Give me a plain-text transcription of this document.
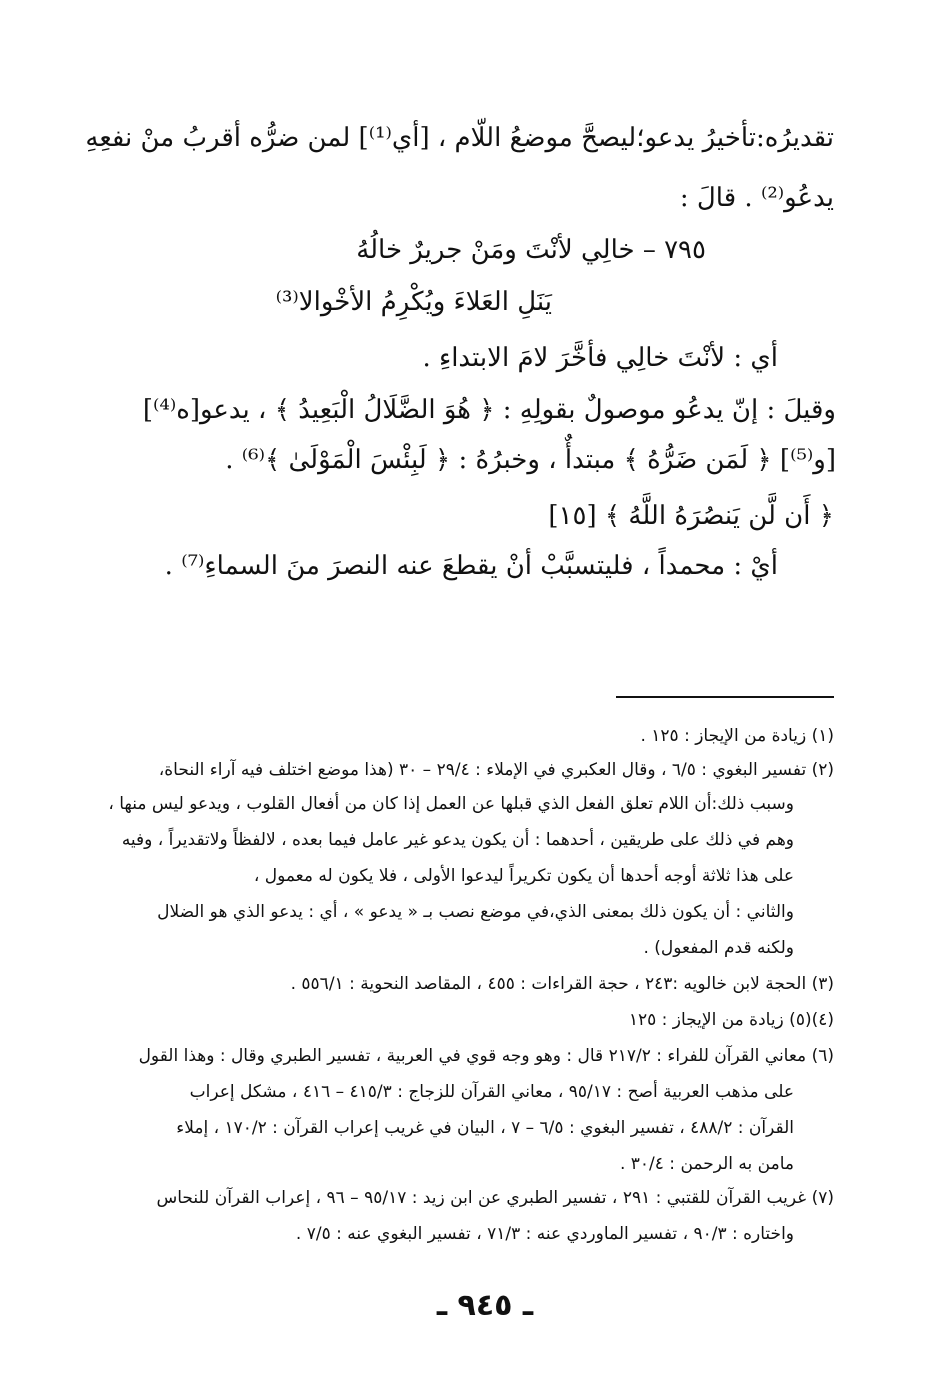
تقديرُه:تأخيرُ يدعو؛ليصحَّ موضعُ اللّام ، [أي⁽¹⁾] لمن ضرُّه أقربُ منْ نفعِهِ
يدعُو⁽²⁾ . قالَ :
٧٩٥ – خالِي لأنْتَ ومَنْ جريرٌ خالُهُ
يَنَلِ العَلاءَ ويُكْرِمُ الأخْوالا⁽³⁾
أي : لأنْتَ خالِي فأخَّرَ لامَ الابتداءِ .
وقيلَ : إنّ يدعُو موصولٌ بقولِهِ : ﴿ هُوَ الضَّلَالُ الْبَعِيدُ ﴾ ، يدعو[ه⁽⁴⁾]
[و⁽⁵⁾] ﴿ لَمَن ضَرُّهُ ﴾ مبتدأٌ ، وخبرُهُ : ﴿ لَبِئْسَ الْمَوْلَىٰ ﴾⁽⁶⁾ .
﴿ أَن لَّن يَنصُرَهُ اللَّهُ ﴾ [١٥]
أيْ : محمداً ، فليتسبَّبْ أنْ يقطعَ عنه النصرَ منَ السماءِ⁽⁷⁾ .
(١) زيادة من الإيجاز : ١٢٥ .
(٢) تفسير البغوي : ٦/٥ ، وقال العكبري في الإملاء : ٢٩/٤ – ٣٠ (هذا موضع اختلف فيه آراء النحاة،
وسبب ذلك:أن اللام تعلق الفعل الذي قبلها عن العمل إذا كان من أفعال القلوب ، ويدعو ليس منها ،
وهم في ذلك على طريقين ، أحدهما : أن يكون يدعو غير عامل فيما بعده ، لالفظاً ولاتقديراً ، وفيه
على هذا ثلاثة أوجه أحدها أن يكون تكريراً ليدعوا الأولى ، فلا يكون له معمول ،
والثاني : أن يكون ذلك بمعنى الذي،في موضع نصب بـ « يدعو » ، أي : يدعو الذي هو الضلال
ولكنه قدم المفعول) .
(٣) الحجة لابن خالويه :٢٤٣ ، حجة القراءات : ٤٥٥ ، المقاصد النحوية : ٥٥٦/١ .
(٤)(٥) زيادة من الإيجاز : ١٢٥
(٦) معاني القرآن للفراء : ٢١٧/٢ قال : وهو وجه قوي في العربية ، تفسير الطبري وقال : وهذا القول
على مذهب العربية أصح : ٩٥/١٧ ، معاني القرآن للزجاج : ٤١٥/٣ – ٤١٦ ، مشكل إعراب
القرآن : ٤٨٨/٢ ، تفسير البغوي : ٦/٥ – ٧ ، البيان في غريب إعراب القرآن : ١٧٠/٢ ، إملاء
مامن به الرحمن : ٣٠/٤ .
(٧) غريب القرآن للقتبي : ٢٩١ ، تفسير الطبري عن ابن زيد : ٩٥/١٧ – ٩٦ ، إعراب القرآن للنحاس
واختاره : ٩٠/٣ ، تفسير الماوردي عنه : ٧١/٣ ، تفسير البغوي عنه : ٧/٥ .
ـ ٩٤٥ ـ
